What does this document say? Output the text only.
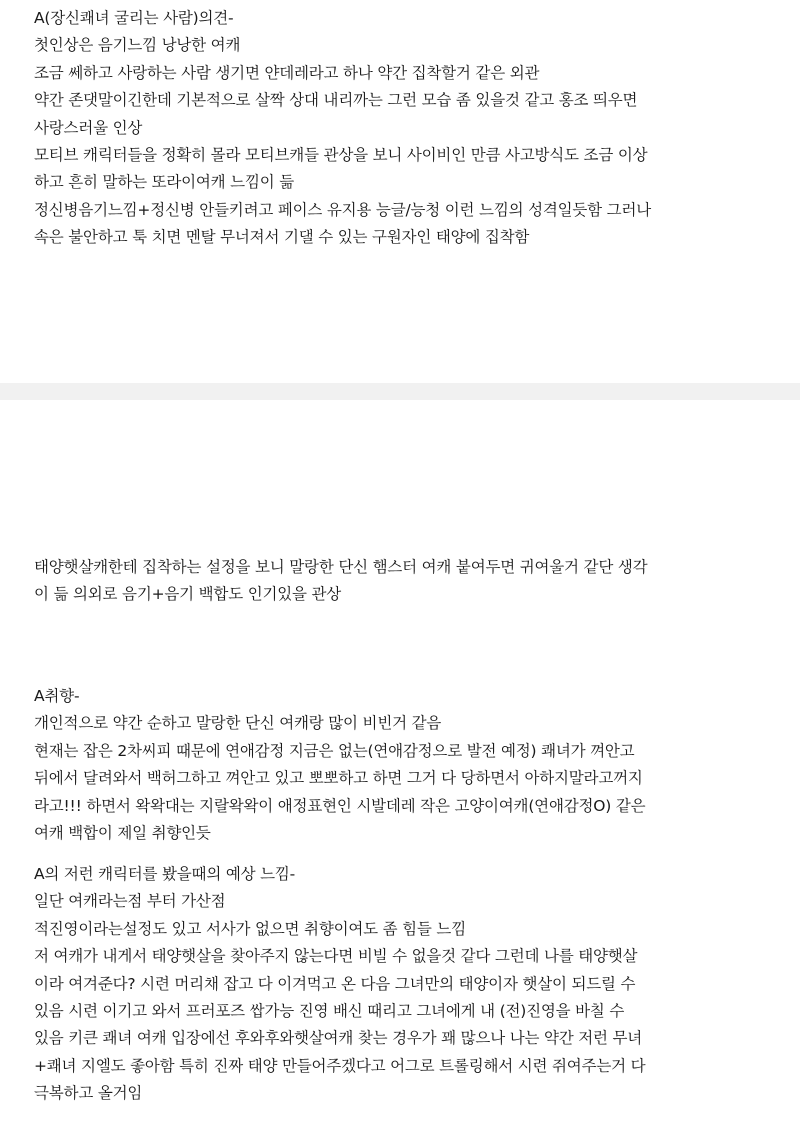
A(장신쾌녀 굴리는 사람)의견-
첫인상은 음기느낌 낭낭한 여캐
조금 쎄하고 사랑하는 사람 생기면 얀데레라고 하나 약간 집착할거 같은 외관
약간 존댓말이긴한데 기본적으로 살짝 상대 내리까는 그런 모습 좀 있을것 같고 홍조 띄우면
사랑스러울 인상
모티브 캐릭터들을 정확히 몰라 모티브캐들 관상을 보니 사이비인 만큼 사고방식도 조금 이상
하고 흔히 말하는 또라이여캐 느낌이 듦
정신병음기느낌+정신병 안들키려고 페이스 유지용 능글/능청 이런 느낌의 성격일듯함 그러나
속은 불안하고 툭 치면 멘탈 무너져서 기댈 수 있는 구원자인 태양에 집착함
태양햇살캐한테 집착하는 설정을 보니 말랑한 단신 햄스터 여캐 붙여두면 귀여울거 같단 생각
이 듦 의외로 음기+음기 백합도 인기있을 관상
A취향-
개인적으로 약간 순하고 말랑한 단신 여캐랑 많이 비빈거 같음
현재는 잡은 2차씨피 때문에 연애감정 지금은 없는(연애감정으로 발전 예정) 쾌녀가 껴안고
뒤에서 달려와서 백허그하고 껴안고 있고 뽀뽀하고 하면 그거 다 당하면서 아하지말라고꺼지
라고!!! 하면서 왁왁대는 지랄왁왁이 애정표현인 시발데레 작은 고양이여캐(연애감정O) 같은
여캐 백합이 제일 취향인듯
A의 저런 캐릭터를 봤을때의 예상 느낌-
일단 여캐라는점 부터 가산점
적진영이라는설정도 있고 서사가 없으면 취향이여도 좀 힘들 느낌
저 여캐가 내게서 태양햇살을 찾아주지 않는다면 비빌 수 없을것 같다 그런데 나를 태양햇살
이라 여겨준다? 시련 머리채 잡고 다 이겨먹고 온 다음 그녀만의 태양이자 햇살이 되드릴 수
있음 시련 이기고 와서 프러포즈 쌉가능 진영 배신 때리고 그녀에게 내 (전)진영을 바칠 수
있음 키큰 쾌녀 여캐 입장에선 후와후와햇살여캐 찾는 경우가 꽤 많으나 나는 약간 저런 무녀
+쾌녀 지엘도 좋아함 특히 진짜 태양 만들어주겠다고 어그로 트롤링해서 시련 쥐여주는거 다
극복하고 올거임
